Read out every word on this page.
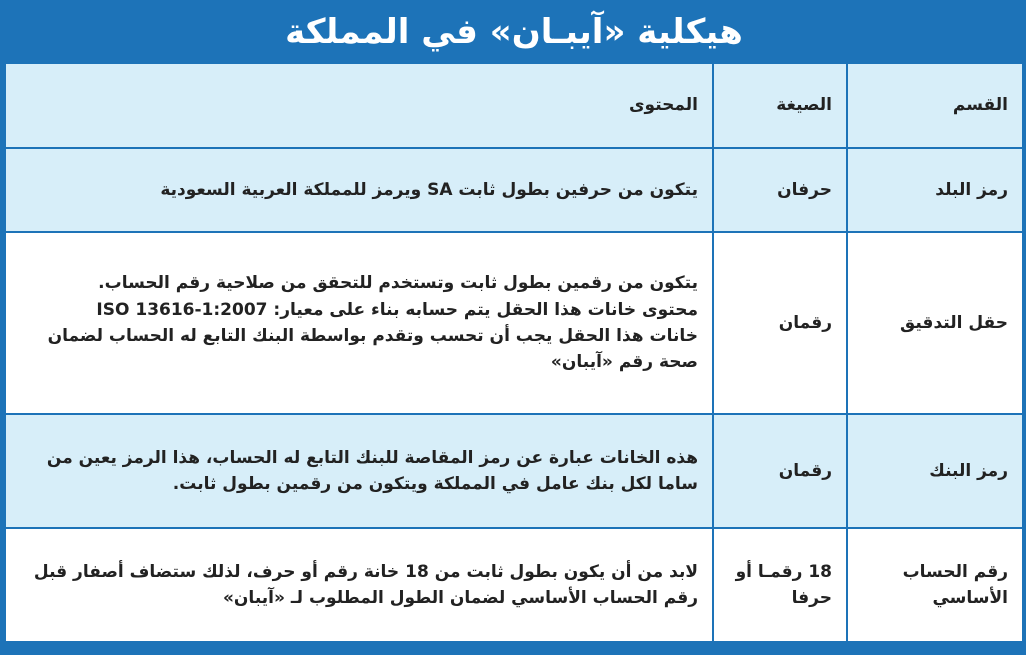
هيكلية «آيبـان» في المملكة
القسم	الصيغة	المحتوى
رمز البلد	حرفان	يتكون من حرفين بطول ثابت SA ويرمز للمملكة العربية السعودية

حقل التدقيق	رقمان	يتكون من رقمين بطول ثابت وتستخدم للتحقق من صلاحية رقم الحساب.
محتوى خانات هذا الحقل يتم حسابه بناء على معيار: ISO 13616-1:2007
خانات هذا الحقل يجب أن تحسب وتقدم بواسطة البنك التابع له الحساب لضمان صحة رقم «آيبان»

رمز البنك	رقمان	هذه الخانات عبارة عن رمز المقاصة للبنك التابع له الحساب، هذا الرمز يعين من ساما لكل بنك عامل في المملكة ويتكون من رقمين بطول ثابت.

رقم الحساب الأساسي	18 رقمـا أو حرفا	لابد من أن يكون بطول ثابت من 18 خانة رقم أو حرف، لذلك ستضاف أصفار قبل رقم الحساب الأساسي لضمان الطول المطلوب لـ «آيبان»
